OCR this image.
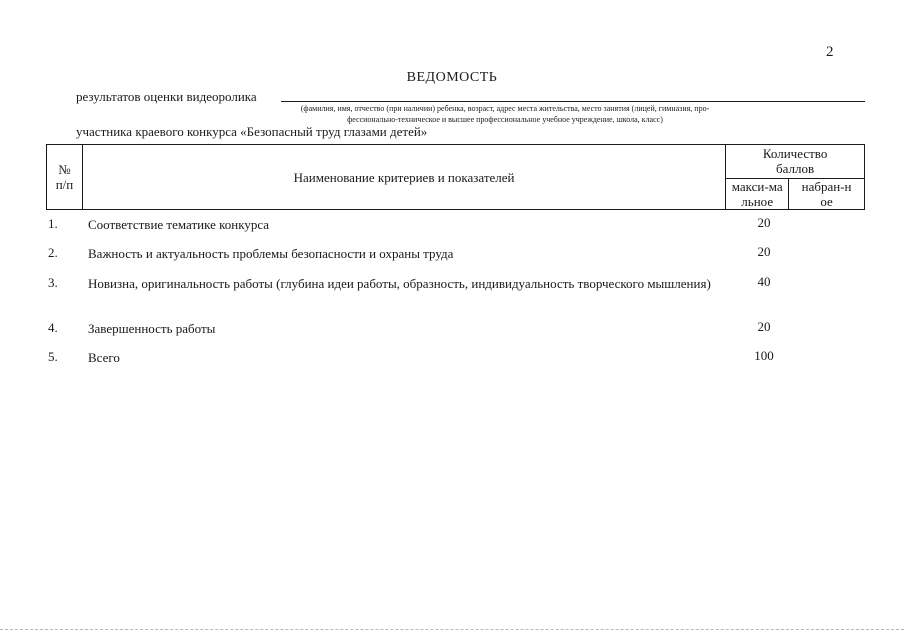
2
ВЕДОМОСТЬ
результатов оценки видеоролика
(фамилия, имя, отчество (при наличии) ребенка, возраст, адрес места жительства, место занятия (лицей, гимназия, про-
фессионально-техническое и высшее профессиональное учебное учреждение, школа, класс)
участника краевого конкурса «Безопасный труд глазами детей»
№ п/п	Наименование критериев и показателей	Количество баллов	
		макси-мальное	набран-ное
1. Соответствие тематике конкурса	20
2. Важность и актуальность проблемы безопасности и охраны труда	20
3. Новизна, оригинальность работы (глубина идеи работы, образность, индивидуальность творческого мышления)	40
4. Завершенность работы	20
5. Всего	100
